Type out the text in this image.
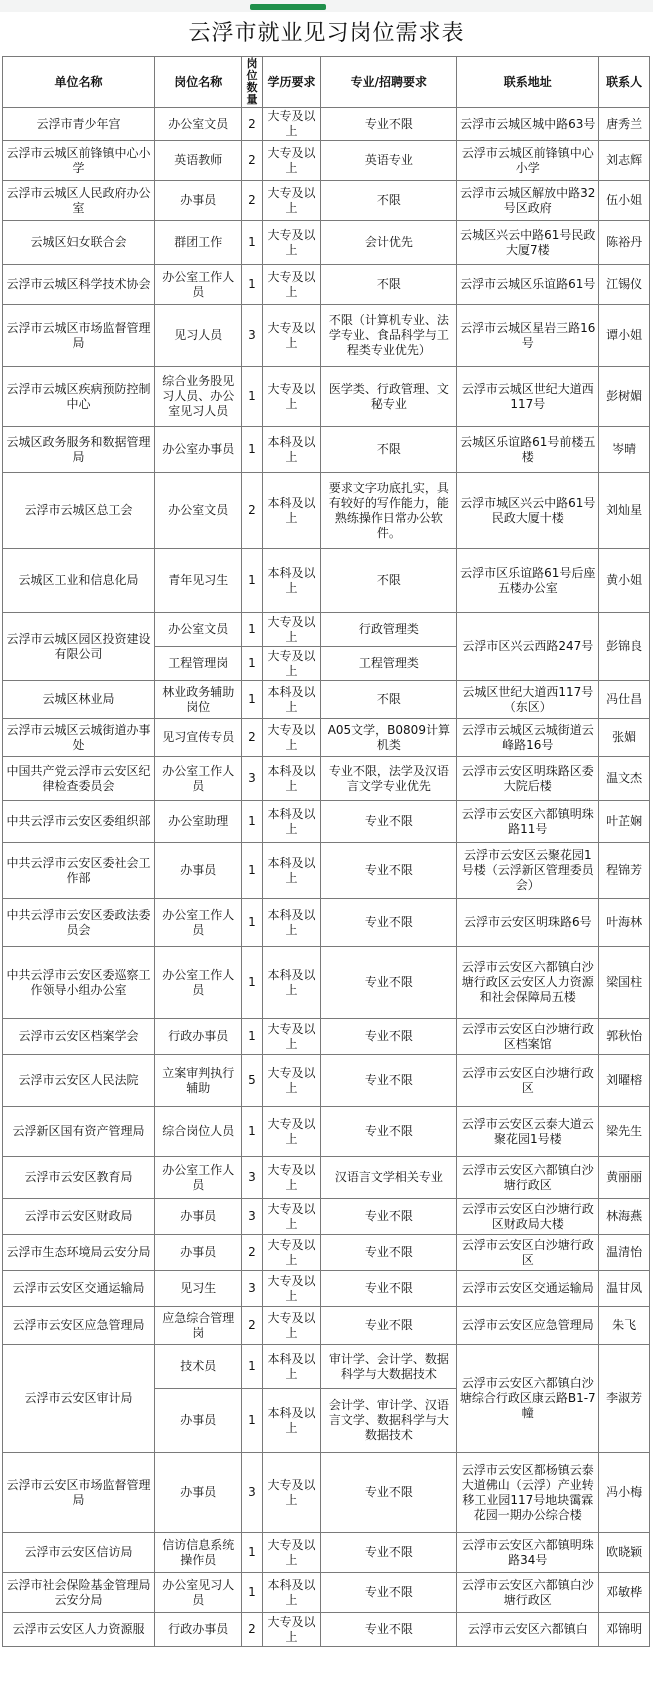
云浮市就业见习岗位需求表
单位名称	岗位名称	岗位数量	学历要求	专业/招聘要求	联系地址	联系人
云浮市青少年宫	办公室文员	2	大专及以上	专业不限	云浮市云城区城中路63号	唐秀兰
云浮市云城区前锋镇中心小学	英语教师	2	大专及以上	英语专业	云浮市云城区前锋镇中心小学	刘志辉
云浮市云城区人民政府办公室	办事员	2	大专及以上	不限	云浮市云城区解放中路32号区政府	伍小姐
云城区妇女联合会	群团工作	1	大专及以上	会计优先	云城区兴云中路61号民政大厦7楼	陈裕丹
云浮市云城区科学技术协会	办公室工作人员	1	大专及以上	不限	云浮市云城区乐谊路61号	江锡仪
云浮市云城区市场监督管理局	见习人员	3	大专及以上	不限（计算机专业、法学专业、食品科学与工程类专业优先）	云浮市云城区星岩三路16号	谭小姐
云浮市云城区疾病预防控制中心	综合业务股见习人员、办公室见习人员	1	大专及以上	医学类、行政管理、文秘专业	云浮市云城区世纪大道西117号	彭树媚
云城区政务服务和数据管理局	办公室办事员	1	本科及以上	不限	云城区乐谊路61号前楼五楼	岑晴
云浮市云城区总工会	办公室文员	2	本科及以上	要求文字功底扎实，具有较好的写作能力，能熟练操作日常办公软件。	云浮市城区兴云中路61号民政大厦十楼	刘灿星
云城区工业和信息化局	青年见习生	1	本科及以上	不限	云浮市区乐谊路61号后座五楼办公室	黄小姐
云浮市云城区园区投资建设有限公司	办公室文员	1	大专及以上	行政管理类	云浮市区兴云西路247号	彭锦良
	工程管理岗	1	大专及以上	工程管理类		
云城区林业局	林业政务辅助岗位	1	本科及以上	不限	云城区世纪大道西117号（东区）	冯仕昌
云浮市云城区云城街道办事处	见习宣传专员	2	大专及以上	A05文学，B0809计算机类	云浮市云城区云城街道云峰路16号	张媚
中国共产党云浮市云安区纪律检查委员会	办公室工作人员	3	本科及以上	专业不限，法学及汉语言文学专业优先	云浮市云安区明珠路区委大院后楼	温文杰
中共云浮市云安区委组织部	办公室助理	1	本科及以上	专业不限	云浮市云安区六都镇明珠路11号	叶芷娴
中共云浮市云安区委社会工作部	办事员	1	本科及以上	专业不限	云浮市云安区云聚花园1号楼（云浮新区管理委员会）	程锦芳
中共云浮市云安区委政法委员会	办公室工作人员	1	本科及以上	专业不限	云浮市云安区明珠路6号	叶海林
中共云浮市云安区委巡察工作领导小组办公室	办公室工作人员	1	本科及以上	专业不限	云浮市云安区六都镇白沙塘行政区云安区人力资源和社会保障局五楼	梁国柱
云浮市云安区档案学会	行政办事员	1	大专及以上	专业不限	云浮市云安区白沙塘行政区档案馆	郭秋怡
云浮市云安区人民法院	立案审判执行辅助	5	大专及以上	专业不限	云浮市云安区白沙塘行政区	刘曜榕
云浮新区国有资产管理局	综合岗位人员	1	大专及以上	专业不限	云浮市云安区云泰大道云聚花园1号楼	梁先生
云浮市云安区教育局	办公室工作人员	3	大专及以上	汉语言文学相关专业	云浮市云安区六都镇白沙塘行政区	黄丽丽
云浮市云安区财政局	办事员	3	大专及以上	专业不限	云浮市云安区白沙塘行政区财政局大楼	林海燕
云浮市生态环境局云安分局	办事员	2	大专及以上	专业不限	云浮市云安区白沙塘行政区	温清怡
云浮市云安区交通运输局	见习生	3	大专及以上	专业不限	云浮市云安区交通运输局	温甘凤
云浮市云安区应急管理局	应急综合管理岗	2	大专及以上	专业不限	云浮市云安区应急管理局	朱飞
云浮市云安区审计局	技术员	1	本科及以上	审计学、会计学、数据科学与大数据技术	云浮市云安区六都镇白沙塘综合行政区康云路B1-7幢	李淑芳
	办事员	1	本科及以上	会计学、审计学、汉语言文学、数据科学与大数据技术		
云浮市云安区市场监督管理局	办事员	3	大专及以上	专业不限	云浮市云安区都杨镇云泰大道佛山（云浮）产业转移工业园117号地块霭霖花园一期办公综合楼	冯小梅
云浮市云安区信访局	信访信息系统操作员	1	大专及以上	专业不限	云浮市云安区六都镇明珠路34号	欧晓颖
云浮市社会保险基金管理局云安分局	办公室见习人员	1	本科及以上	专业不限	云浮市云安区六都镇白沙塘行政区	邓敏桦
云浮市云安区人力资源服	行政办事员	2	大专及以上	专业不限	云浮市云安区六都镇白	邓锦明
